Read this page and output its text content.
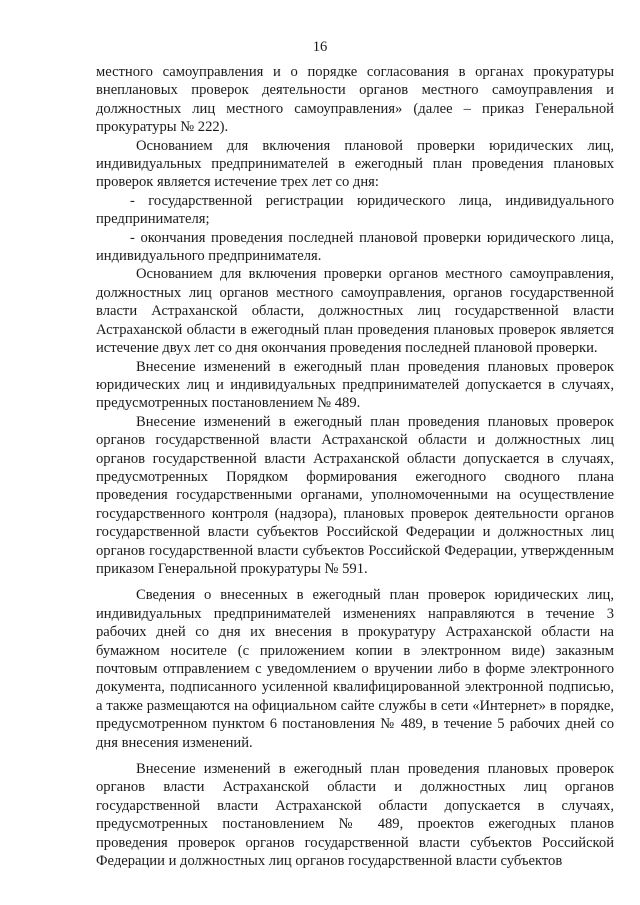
16

местного самоуправления и о порядке согласования в органах прокуратуры внеплановых проверок деятельности органов местного самоуправления и должностных лиц местного самоуправления» (далее – приказ Генеральной прокуратуры № 222).

Основанием для включения плановой проверки юридических лиц, индивидуальных предпринимателей в ежегодный план проведения плановых проверок является истечение трех лет со дня:

- государственной регистрации юридического лица, индивидуального предпринимателя;

- окончания проведения последней плановой проверки юридического лица, индивидуального предпринимателя.

Основанием для включения проверки органов местного самоуправления, должностных лиц органов местного самоуправления, органов государственной власти Астраханской области, должностных лиц государственной власти Астраханской области в ежегодный план проведения плановых проверок является истечение двух лет со дня окончания проведения последней плановой проверки.

Внесение изменений в ежегодный план проведения плановых проверок юридических лиц и индивидуальных предпринимателей допускается в случаях, предусмотренных постановлением № 489.

Внесение изменений в ежегодный план проведения плановых проверок органов государственной власти Астраханской области и должностных лиц органов государственной власти Астраханской области допускается в случаях, предусмотренных Порядком формирования ежегодного сводного плана проведения государственными органами, уполномоченными на осуществление государственного контроля (надзора), плановых проверок деятельности органов государственной власти субъектов Российской Федерации и должностных лиц органов государственной власти субъектов Российской Федерации, утвержденным приказом Генеральной прокуратуры № 591.

Сведения о внесенных в ежегодный план проверок юридических лиц, индивидуальных предпринимателей изменениях направляются в течение 3 рабочих дней со дня их внесения в прокуратуру Астраханской области на бумажном носителе (с приложением копии в электронном виде) заказным почтовым отправлением с уведомлением о вручении либо в форме электронного документа, подписанного усиленной квалифицированной электронной подписью, а также размещаются на официальном сайте службы в сети «Интернет» в порядке, предусмотренном пунктом 6 постановления № 489, в течение 5 рабочих дней со дня внесения изменений.

Внесение изменений в ежегодный план проведения плановых проверок органов власти Астраханской области и должностных лиц органов государственной власти Астраханской области допускается в случаях, предусмотренных постановлением № 489, проектов ежегодных планов проведения проверок органов государственной власти субъектов Российской Федерации и должностных лиц органов государственной власти субъектов
